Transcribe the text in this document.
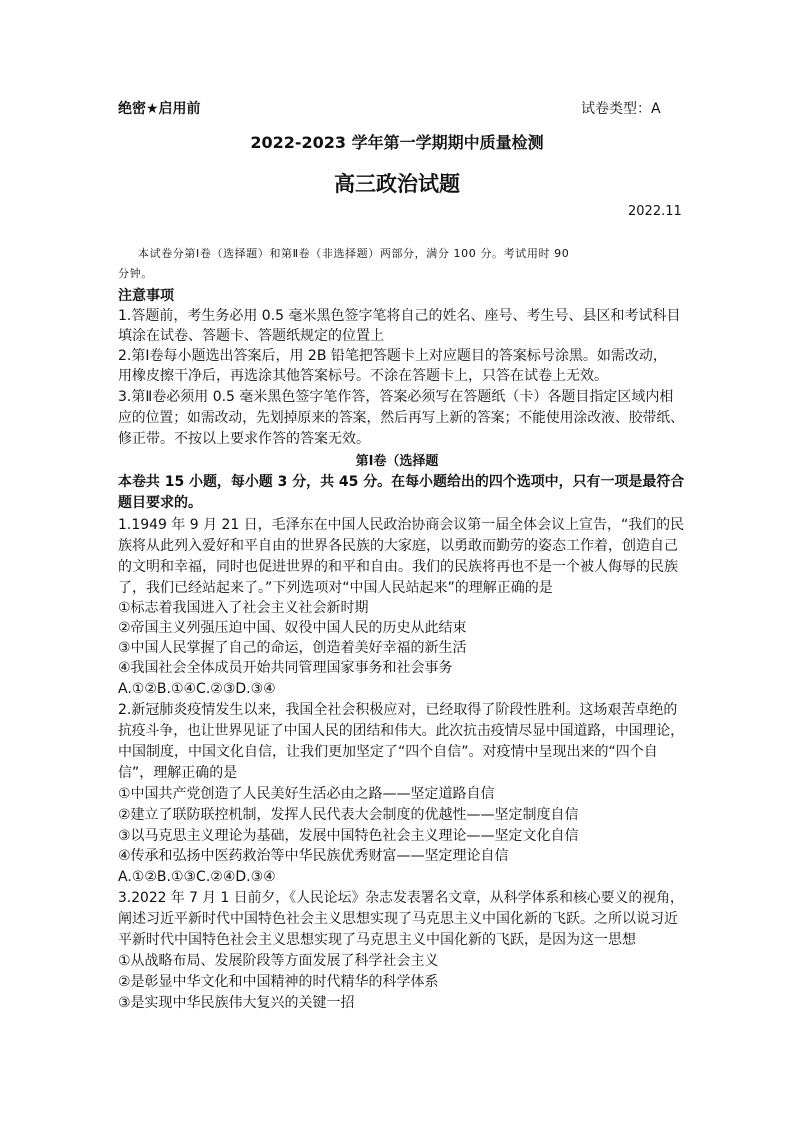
绝密★启用前	试卷类型：A
2022-2023 学年第一学期期中质量检测
高三政治试题
2022.11
本试卷分第Ⅰ卷（选择题）和第Ⅱ卷（非选择题）两部分，满分 100 分。考试用时 90
分钟。
注意事项
1.答题前，考生务必用 0.5 毫米黑色签字笔将自己的姓名、座号、考生号、县区和考试科目
填涂在试卷、答题卡、答题纸规定的位置上
2.第Ⅰ卷每小题选出答案后，用 2B 铅笔把答题卡上对应题目的答案标号涂黑。如需改动，
用橡皮擦干净后，再选涂其他答案标号。不涂在答题卡上，只答在试卷上无效。
3.第Ⅱ卷必须用 0.5 毫米黑色签字笔作答，答案必须写在答题纸（卡）各题目指定区域内相
应的位置；如需改动，先划掉原来的答案，然后再写上新的答案；不能使用涂改液、胶带纸、
修正带。不按以上要求作答的答案无效。
第Ⅰ卷（选择题
本卷共 15 小题，每小题 3 分，共 45 分。在每小题给出的四个选项中，只有一项是最符合
题目要求的。
1.1949 年 9 月 21 日，毛泽东在中国人民政治协商会议第一届全体会议上宣告，“我们的民
族将从此列入爱好和平自由的世界各民族的大家庭，以勇敢而勤劳的姿态工作着，创造自己
的文明和幸福，同时也促进世界的和平和自由。我们的民族将再也不是一个被人侮辱的民族
了，我们已经站起来了。”下列选项对“中国人民站起来”的理解正确的是
①标志着我国进入了社会主义社会新时期
②帝国主义列强压迫中国、奴役中国人民的历史从此结束
③中国人民掌握了自己的命运，创造着美好幸福的新生活
④我国社会全体成员开始共同管理国家事务和社会事务
A.①②B.①④C.②③D.③④
2.新冠肺炎疫情发生以来，我国全社会积极应对，已经取得了阶段性胜利。这场艰苦卓绝的
抗疫斗争，也让世界见证了中国人民的团结和伟大。此次抗击疫情尽显中国道路，中国理论，
中国制度，中国文化自信，让我们更加坚定了“四个自信”。对疫情中呈现出来的“四个自
信”，理解正确的是
①中国共产党创造了人民美好生活必由之路——坚定道路自信
②建立了联防联控机制，发挥人民代表大会制度的优越性——坚定制度自信
③以马克思主义理论为基础，发展中国特色社会主义理论——坚定文化自信
④传承和弘扬中医药救治等中华民族优秀财富——坚定理论自信
A.①②B.①③C.②④D.③④
3.2022 年 7 月 1 日前夕，《人民论坛》杂志发表署名文章，从科学体系和核心要义的视角，
阐述习近平新时代中国特色社会主义思想实现了马克思主义中国化新的飞跃。之所以说习近
平新时代中国特色社会主义思想实现了马克思主义中国化新的飞跃，是因为这一思想
①从战略布局、发展阶段等方面发展了科学社会主义
②是彰显中华文化和中国精神的时代精华的科学体系
③是实现中华民族伟大复兴的关键一招
